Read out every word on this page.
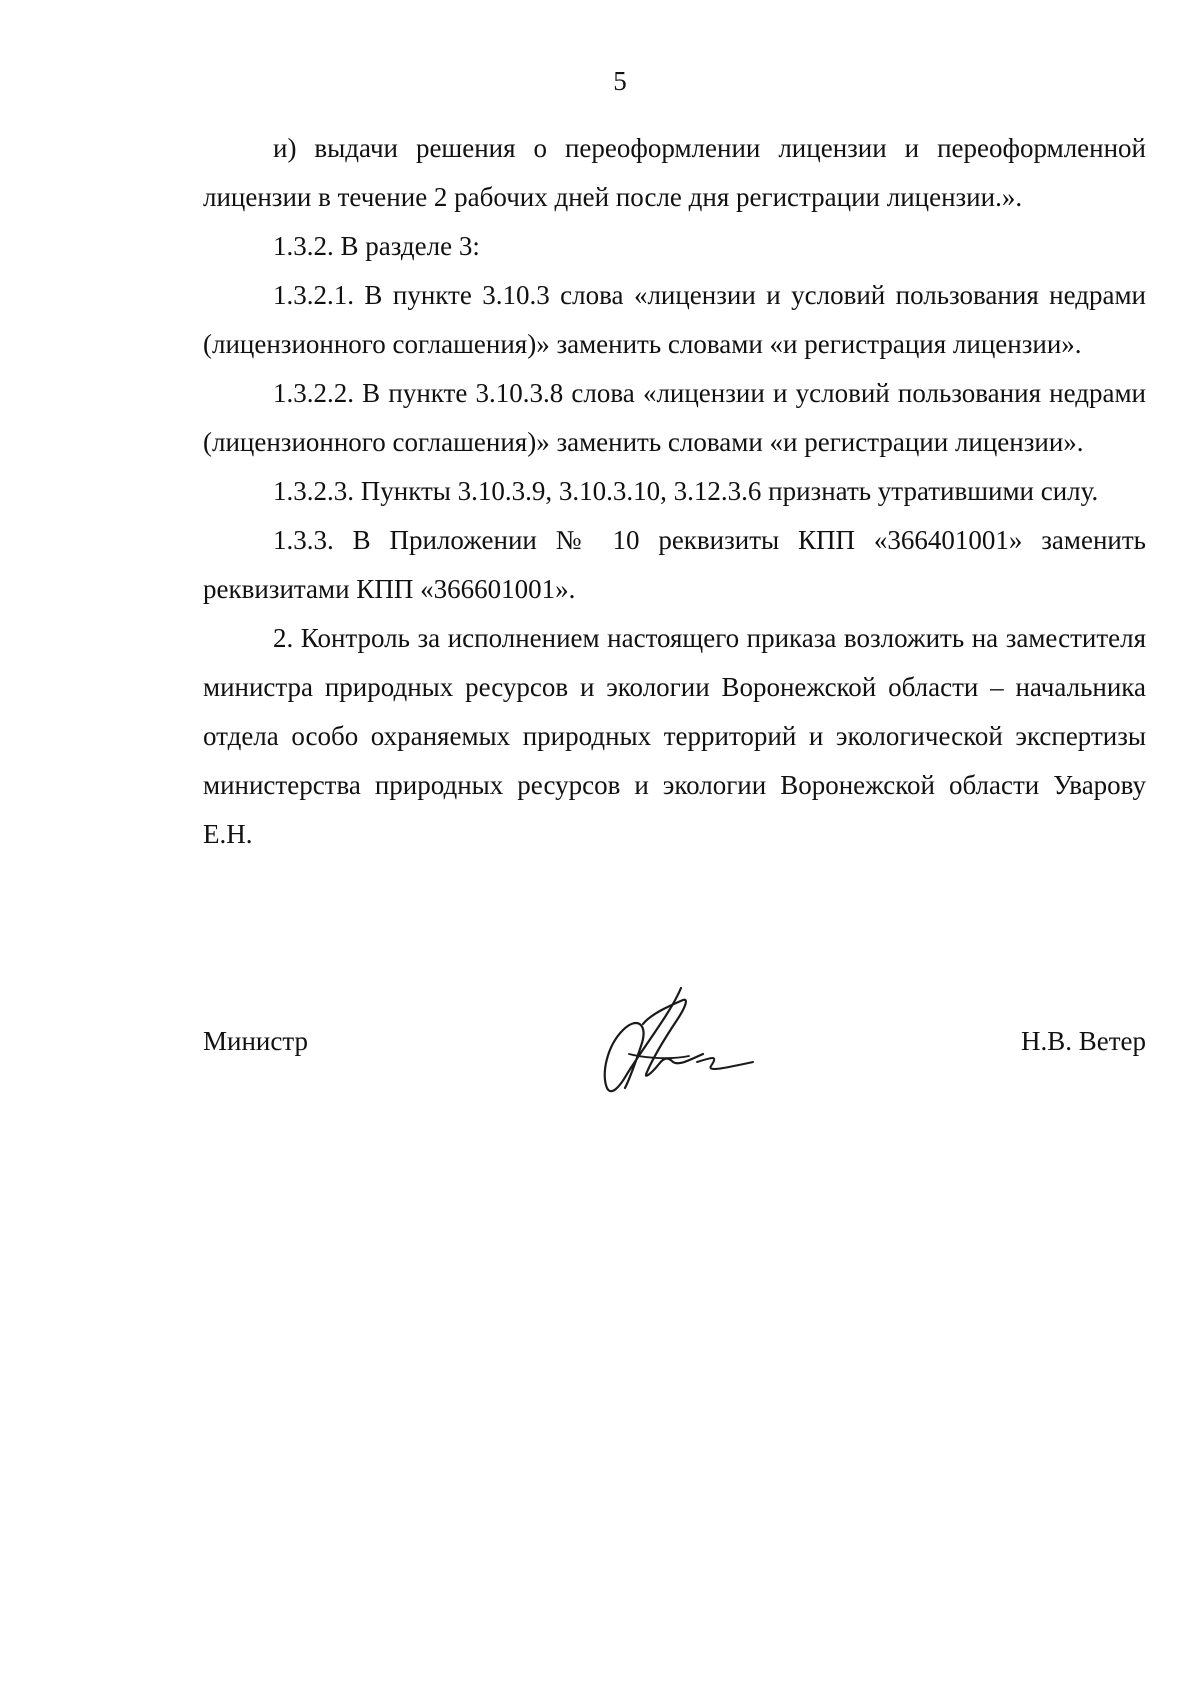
5

и) выдачи решения о переоформлении лицензии и переоформленной лицензии в течение 2 рабочих дней после дня регистрации лицензии.».

1.3.2. В разделе 3:

1.3.2.1. В пункте 3.10.3 слова «лицензии и условий пользования недрами (лицензионного соглашения)» заменить словами «и регистрация лицензии».

1.3.2.2. В пункте 3.10.3.8 слова «лицензии и условий пользования недрами (лицензионного соглашения)» заменить словами «и регистрации лицензии».

1.3.2.3. Пункты 3.10.3.9, 3.10.3.10, 3.12.3.6 признать утратившими силу.

1.3.3. В Приложении № 10 реквизиты КПП «366401001» заменить реквизитами КПП «366601001».

2. Контроль за исполнением настоящего приказа возложить на заместителя министра природных ресурсов и экологии Воронежской области – начальника отдела особо охраняемых природных территорий и экологической экспертизы министерства природных ресурсов и экологии Воронежской области Уварову Е.Н.

Министр	Н.В. Ветер
